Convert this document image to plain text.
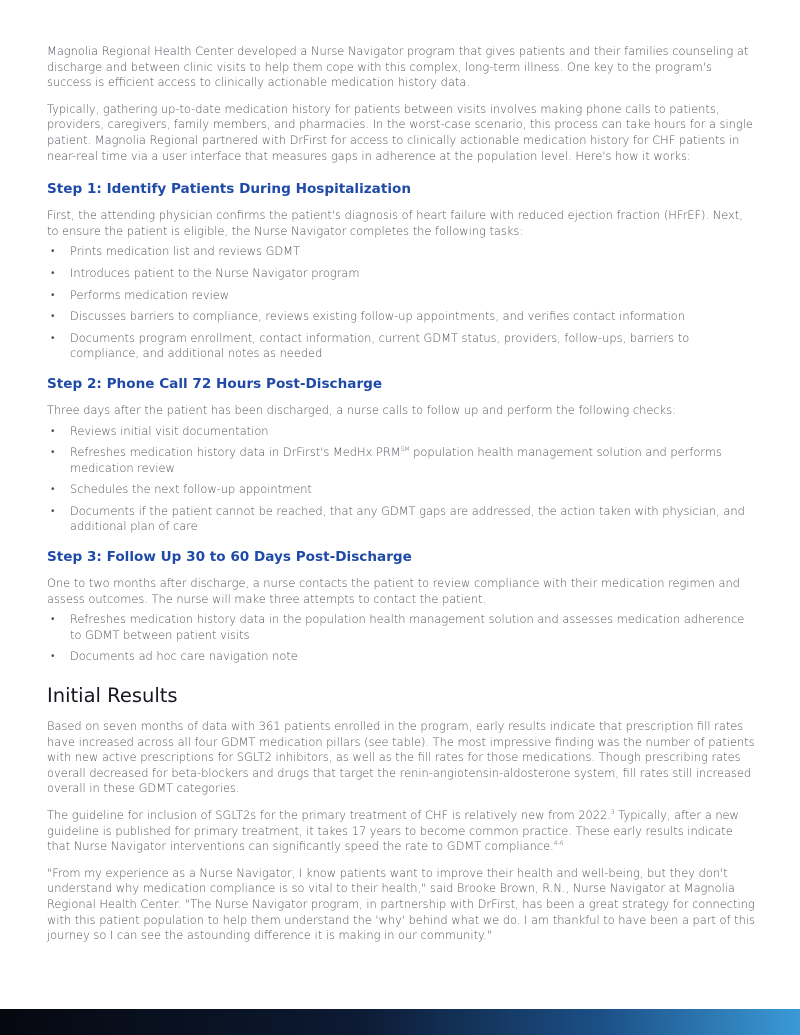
Magnolia Regional Health Center developed a Nurse Navigator program that gives patients and their families counseling at discharge and between clinic visits to help them cope with this complex, long-term illness. One key to the program's success is efficient access to clinically actionable medication history data.

Typically, gathering up-to-date medication history for patients between visits involves making phone calls to patients, providers, caregivers, family members, and pharmacies. In the worst-case scenario, this process can take hours for a single patient. Magnolia Regional partnered with DrFirst for access to clinically actionable medication history for CHF patients in near-real time via a user interface that measures gaps in adherence at the population level. Here's how it works:

Step 1: Identify Patients During Hospitalization

First, the attending physician confirms the patient's diagnosis of heart failure with reduced ejection fraction (HFrEF). Next, to ensure the patient is eligible, the Nurse Navigator completes the following tasks:

• Prints medication list and reviews GDMT
• Introduces patient to the Nurse Navigator program
• Performs medication review
• Discusses barriers to compliance, reviews existing follow-up appointments, and verifies contact information
• Documents program enrollment, contact information, current GDMT status, providers, follow-ups, barriers to compliance, and additional notes as needed
Step 2: Phone Call 72 Hours Post-Discharge

Three days after the patient has been discharged, a nurse calls to follow up and perform the following checks:

• Reviews initial visit documentation
• Refreshes medication history data in DrFirst's MedHx PRM℠ population health management solution and performs medication review
• Schedules the next follow-up appointment
• Documents if the patient cannot be reached, that any GDMT gaps are addressed, the action taken with physician, and additional plan of care
Step 3: Follow Up 30 to 60 Days Post-Discharge

One to two months after discharge, a nurse contacts the patient to review compliance with their medication regimen and assess outcomes. The nurse will make three attempts to contact the patient.

• Refreshes medication history data in the population health management solution and assesses medication adherence to GDMT between patient visits
• Documents ad hoc care navigation note
Initial Results

Based on seven months of data with 361 patients enrolled in the program, early results indicate that prescription fill rates have increased across all four GDMT medication pillars (see table). The most impressive finding was the number of patients with new active prescriptions for SGLT2 inhibitors, as well as the fill rates for those medications. Though prescribing rates overall decreased for beta-blockers and drugs that target the renin-angiotensin-aldosterone system, fill rates still increased overall in these GDMT categories.

The guideline for inclusion of SGLT2s for the primary treatment of CHF is relatively new from 2022.$^3$ Typically, after a new guideline is published for primary treatment, it takes 17 years to become common practice. These early results indicate that Nurse Navigator interventions can significantly speed the rate to GDMT compliance.$^{4-6}$

"From my experience as a Nurse Navigator, I know patients want to improve their health and well-being, but they don't understand why medication compliance is so vital to their health," said Brooke Brown, R.N., Nurse Navigator at Magnolia Regional Health Center. "The Nurse Navigator program, in partnership with DrFirst, has been a great strategy for connecting with this patient population to help them understand the 'why' behind what we do. I am thankful to have been a part of this journey so I can see the astounding difference it is making in our community."
